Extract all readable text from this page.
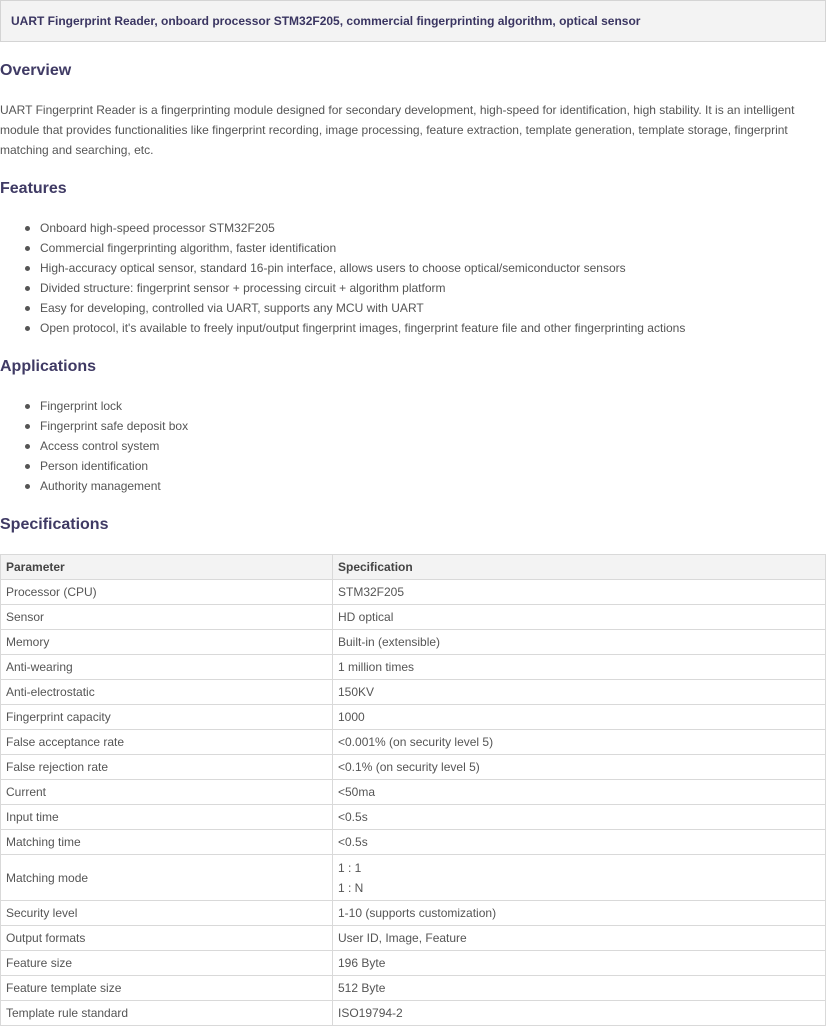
UART Fingerprint Reader, onboard processor STM32F205, commercial fingerprinting algorithm, optical sensor
Overview

UART Fingerprint Reader is a fingerprinting module designed for secondary development, high-speed for identification, high stability. It is an intelligent module that provides functionalities like fingerprint recording, image processing, feature extraction, template generation, template storage, fingerprint matching and searching, etc.

Features
Onboard high-speed processor STM32F205
Commercial fingerprinting algorithm, faster identification
High-accuracy optical sensor, standard 16-pin interface, allows users to choose optical/semiconductor sensors
Divided structure: fingerprint sensor + processing circuit + algorithm platform
Easy for developing, controlled via UART, supports any MCU with UART
Open protocol, it's available to freely input/output fingerprint images, fingerprint feature file and other fingerprinting actions
Applications
Fingerprint lock
Fingerprint safe deposit box
Access control system
Person identification
Authority management
Specifications
Parameter	Specification
Processor (CPU)	STM32F205
Sensor	HD optical
Memory	Built-in (extensible)
Anti-wearing	1 million times
Anti-electrostatic	150KV
Fingerprint capacity	1000
False acceptance rate	<0.001% (on security level 5)
False rejection rate	<0.1% (on security level 5)
Current	<50ma
Input time	<0.5s
Matching time	<0.5s
Matching mode	1 : 1
1 : N

Security level	1-10 (supports customization)
Output formats	User ID, Image, Feature
Feature size	196 Byte
Feature template size	512 Byte
Template rule standard	ISO19794-2
